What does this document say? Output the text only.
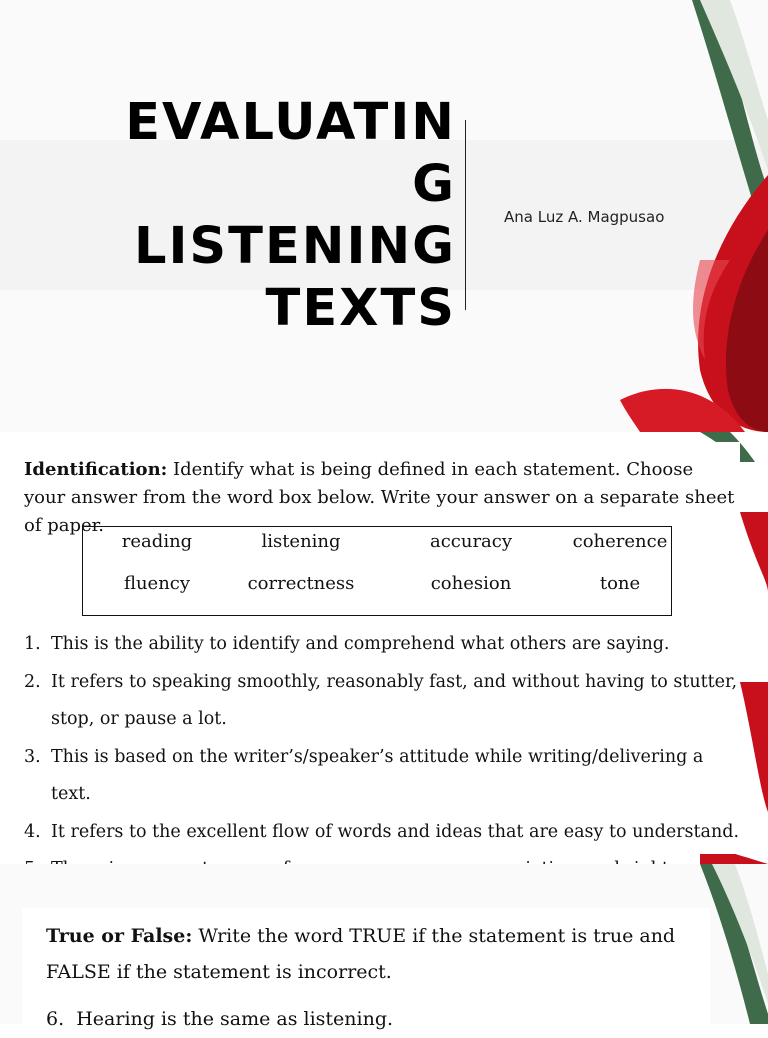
EVALUATIN
G
LISTENING
TEXTS
Ana Luz A. Magpusao

Identification: Identify what is being defined in each statement. Choose your answer from the word box below. Write your answer on a separate sheet of paper.

reading	listening	accuracy	coherence
fluency	correctness	cohesion	tone
1. This is the ability to identify and comprehend what others are saying.
2. It refers to speaking smoothly, reasonably fast, and without having to stutter, stop, or pause a lot.
3. This is based on the writer’s/speaker’s attitude while writing/delivering a text.
4. It refers to the excellent flow of words and ideas that are easy to understand.

True or False: Write the word TRUE if the statement is true and FALSE if the statement is incorrect.

6. Hearing is the same as listening.
